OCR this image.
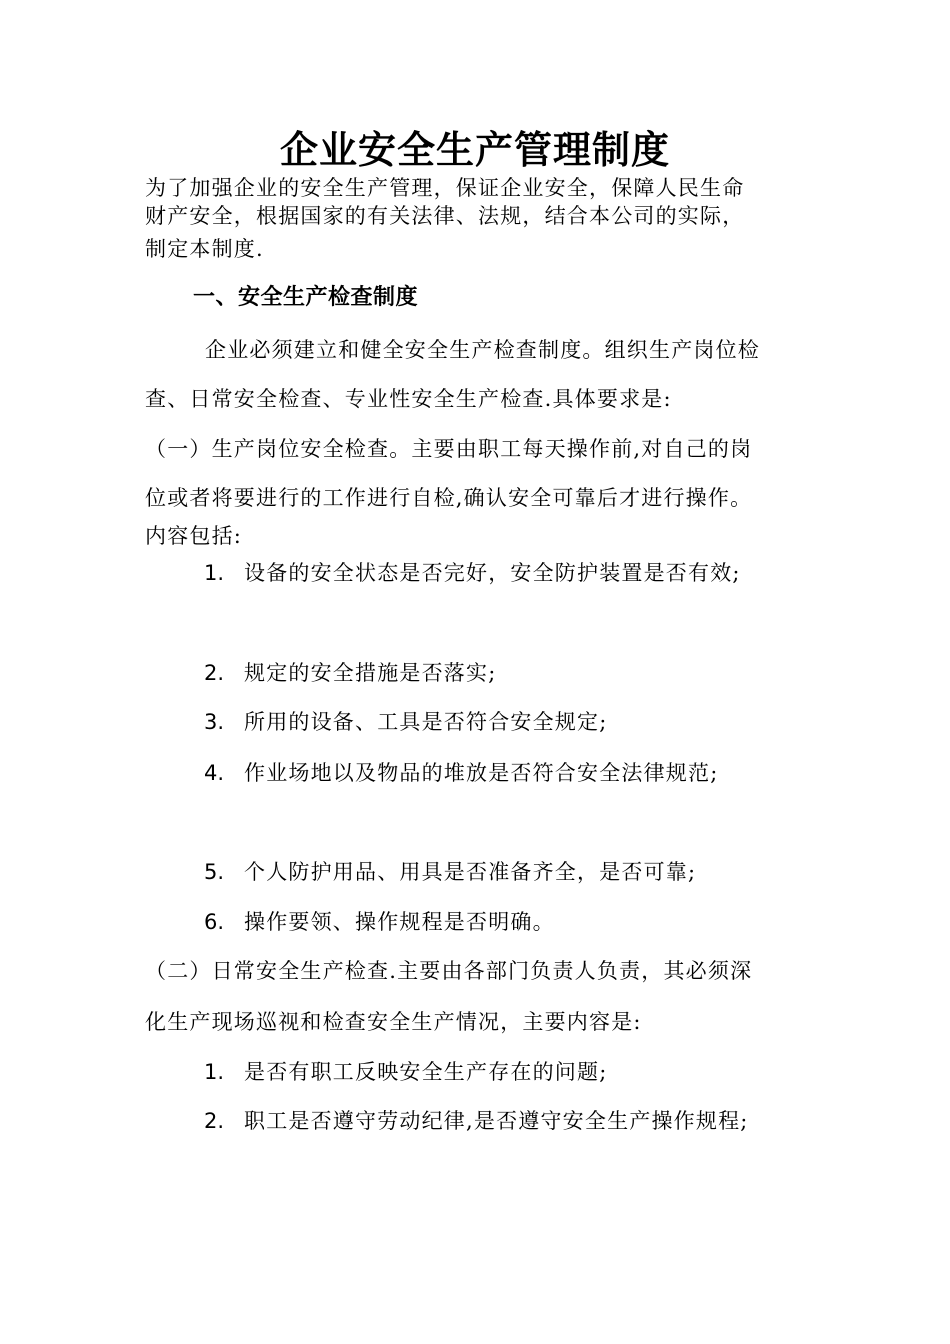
企业安全生产管理制度
为了加强企业的安全生产管理，保证企业安全，保障人民生命
财产安全，根据国家的有关法律、法规，结合本公司的实际，
制定本制度.
一、安全生产检查制度
企业必须建立和健全安全生产检查制度。组织生产岗位检
查、日常安全检查、专业性安全生产检查.具体要求是:
（一）生产岗位安全检查。主要由职工每天操作前,对自己的岗
位或者将要进行的工作进行自检,确认安全可靠后才进行操作。
内容包括:
1. 设备的安全状态是否完好，安全防护装置是否有效;
2. 规定的安全措施是否落实;
3. 所用的设备、工具是否符合安全规定;
4. 作业场地以及物品的堆放是否符合安全法律规范;
5. 个人防护用品、用具是否准备齐全，是否可靠;
6. 操作要领、操作规程是否明确。
（二）日常安全生产检查.主要由各部门负责人负责，其必须深
化生产现场巡视和检查安全生产情况，主要内容是:
1. 是否有职工反映安全生产存在的问题;
2. 职工是否遵守劳动纪律,是否遵守安全生产操作规程;
